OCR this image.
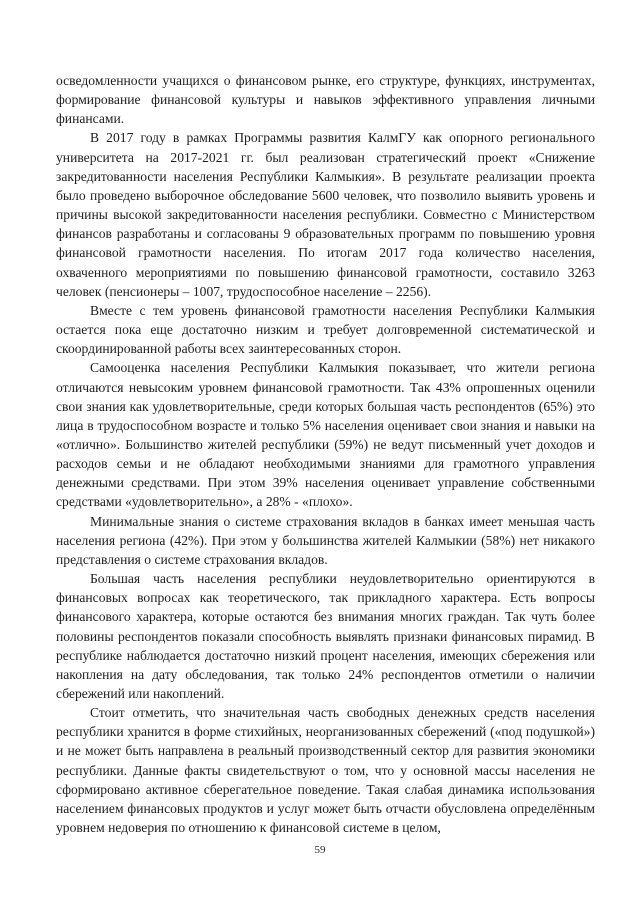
осведомленности учащихся о финансовом рынке, его структуре, функциях, инструментах, формирование финансовой культуры и навыков эффективного управления личными финансами.

В 2017 году в рамках Программы развития КалмГУ как опорного регионального университета на 2017-2021 гг. был реализован стратегический проект «Снижение закредитованности населения Республики Калмыкия». В результате реализации проекта было проведено выборочное обследование 5600 человек, что позволило выявить уровень и причины высокой закредитованности населения республики. Совместно с Министерством финансов разработаны и согласованы 9 образовательных программ по повышению уровня финансовой грамотности населения. По итогам 2017 года количество населения, охваченного мероприятиями по повышению финансовой грамотности, составило 3263 человек (пенсионеры – 1007, трудоспособное население – 2256).

Вместе с тем уровень финансовой грамотности населения Республики Калмыкия остается пока еще достаточно низким и требует долговременной систематической и скоординированной работы всех заинтересованных сторон.

Самооценка населения Республики Калмыкия показывает, что жители региона отличаются невысоким уровнем финансовой грамотности. Так 43% опрошенных оценили свои знания как удовлетворительные, среди которых большая часть респондентов (65%) это лица в трудоспособном возрасте и только 5% населения оценивает свои знания и навыки на «отлично». Большинство жителей республики (59%) не ведут письменный учет доходов и расходов семьи и не обладают необходимыми знаниями для грамотного управления денежными средствами. При этом 39% населения оценивает управление собственными средствами «удовлетворительно», а 28% - «плохо».

Минимальные знания о системе страхования вкладов в банках имеет меньшая часть населения региона (42%). При этом у большинства жителей Калмыкии (58%) нет никакого представления о системе страхования вкладов.

Большая часть населения республики неудовлетворительно ориентируются в финансовых вопросах как теоретического, так прикладного характера. Есть вопросы финансового характера, которые остаются без внимания многих граждан. Так чуть более половины респондентов показали способность выявлять признаки финансовых пирамид. В республике наблюдается достаточно низкий процент населения, имеющих сбережения или накопления на дату обследования, так только 24% респондентов отметили о наличии сбережений или накоплений.

Стоит отметить, что значительная часть свободных денежных средств населения республики хранится в форме стихийных, неорганизованных сбережений («под подушкой») и не может быть направлена в реальный производственный сектор для развития экономики республики. Данные факты свидетельствуют о том, что у основной массы населения не сформировано активное сберегательное поведение. Такая слабая динамика использования населением финансовых продуктов и услуг может быть отчасти обусловлена определённым уровнем недоверия по отношению к финансовой системе в целом,

59
